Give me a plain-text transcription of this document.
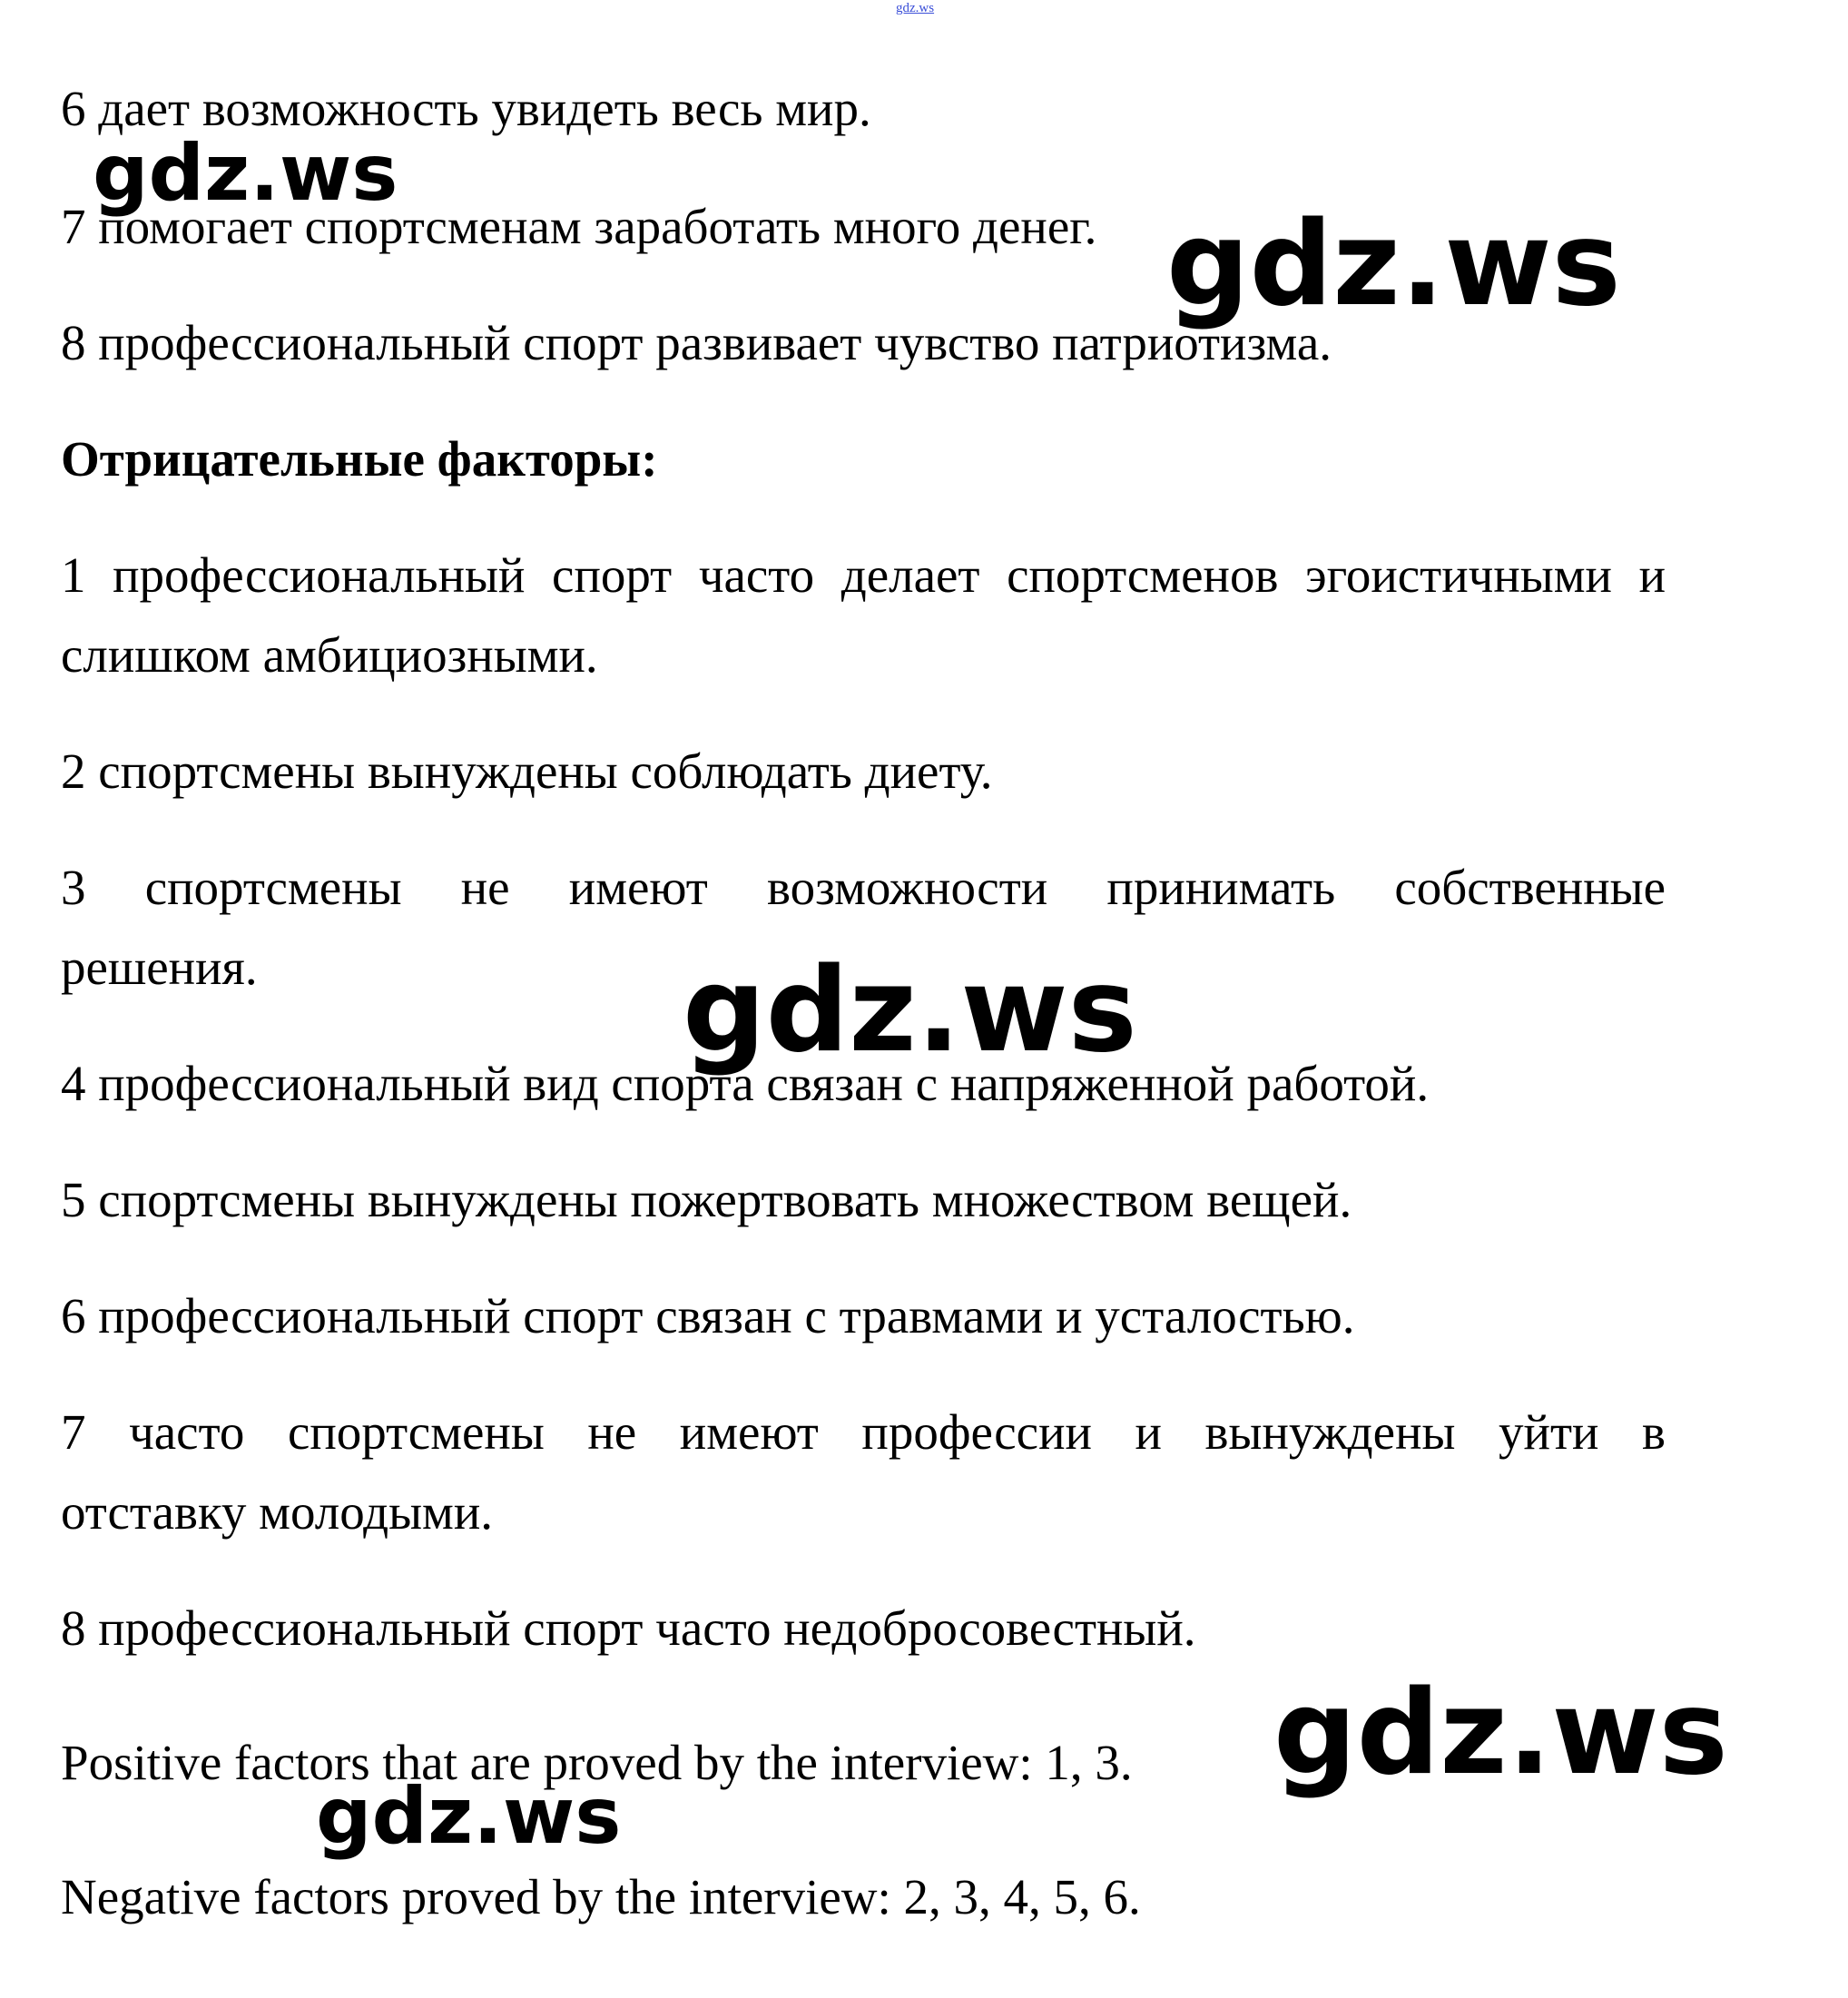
gdz.ws
6 дает возможность увидеть весь мир.
7 помогает спортсменам заработать много денег.
8 профессиональный спорт развивает чувство патриотизма.
Отрицательные факторы:
1 профессиональный спорт часто делает спортсменов эгоистичными и
слишком амбициозными.
2 спортсмены вынуждены соблюдать диету.
3 спортсмены не имеют возможности принимать собственные
решения.
4 профессиональный вид спорта связан с напряженной работой.
5 спортсмены вынуждены пожертвовать множеством вещей.
6 профессиональный спорт связан с травмами и усталостью.
7 часто спортсмены не имеют профессии и вынуждены уйти в
отставку молодыми.
8 профессиональный спорт часто недобросовестный.
Positive factors that are proved by the interview: 1, 3.
Negative factors proved by the interview: 2, 3, 4, 5, 6.
gdz.ws
gdz.ws
gdz.ws
gdz.ws
gdz.ws
